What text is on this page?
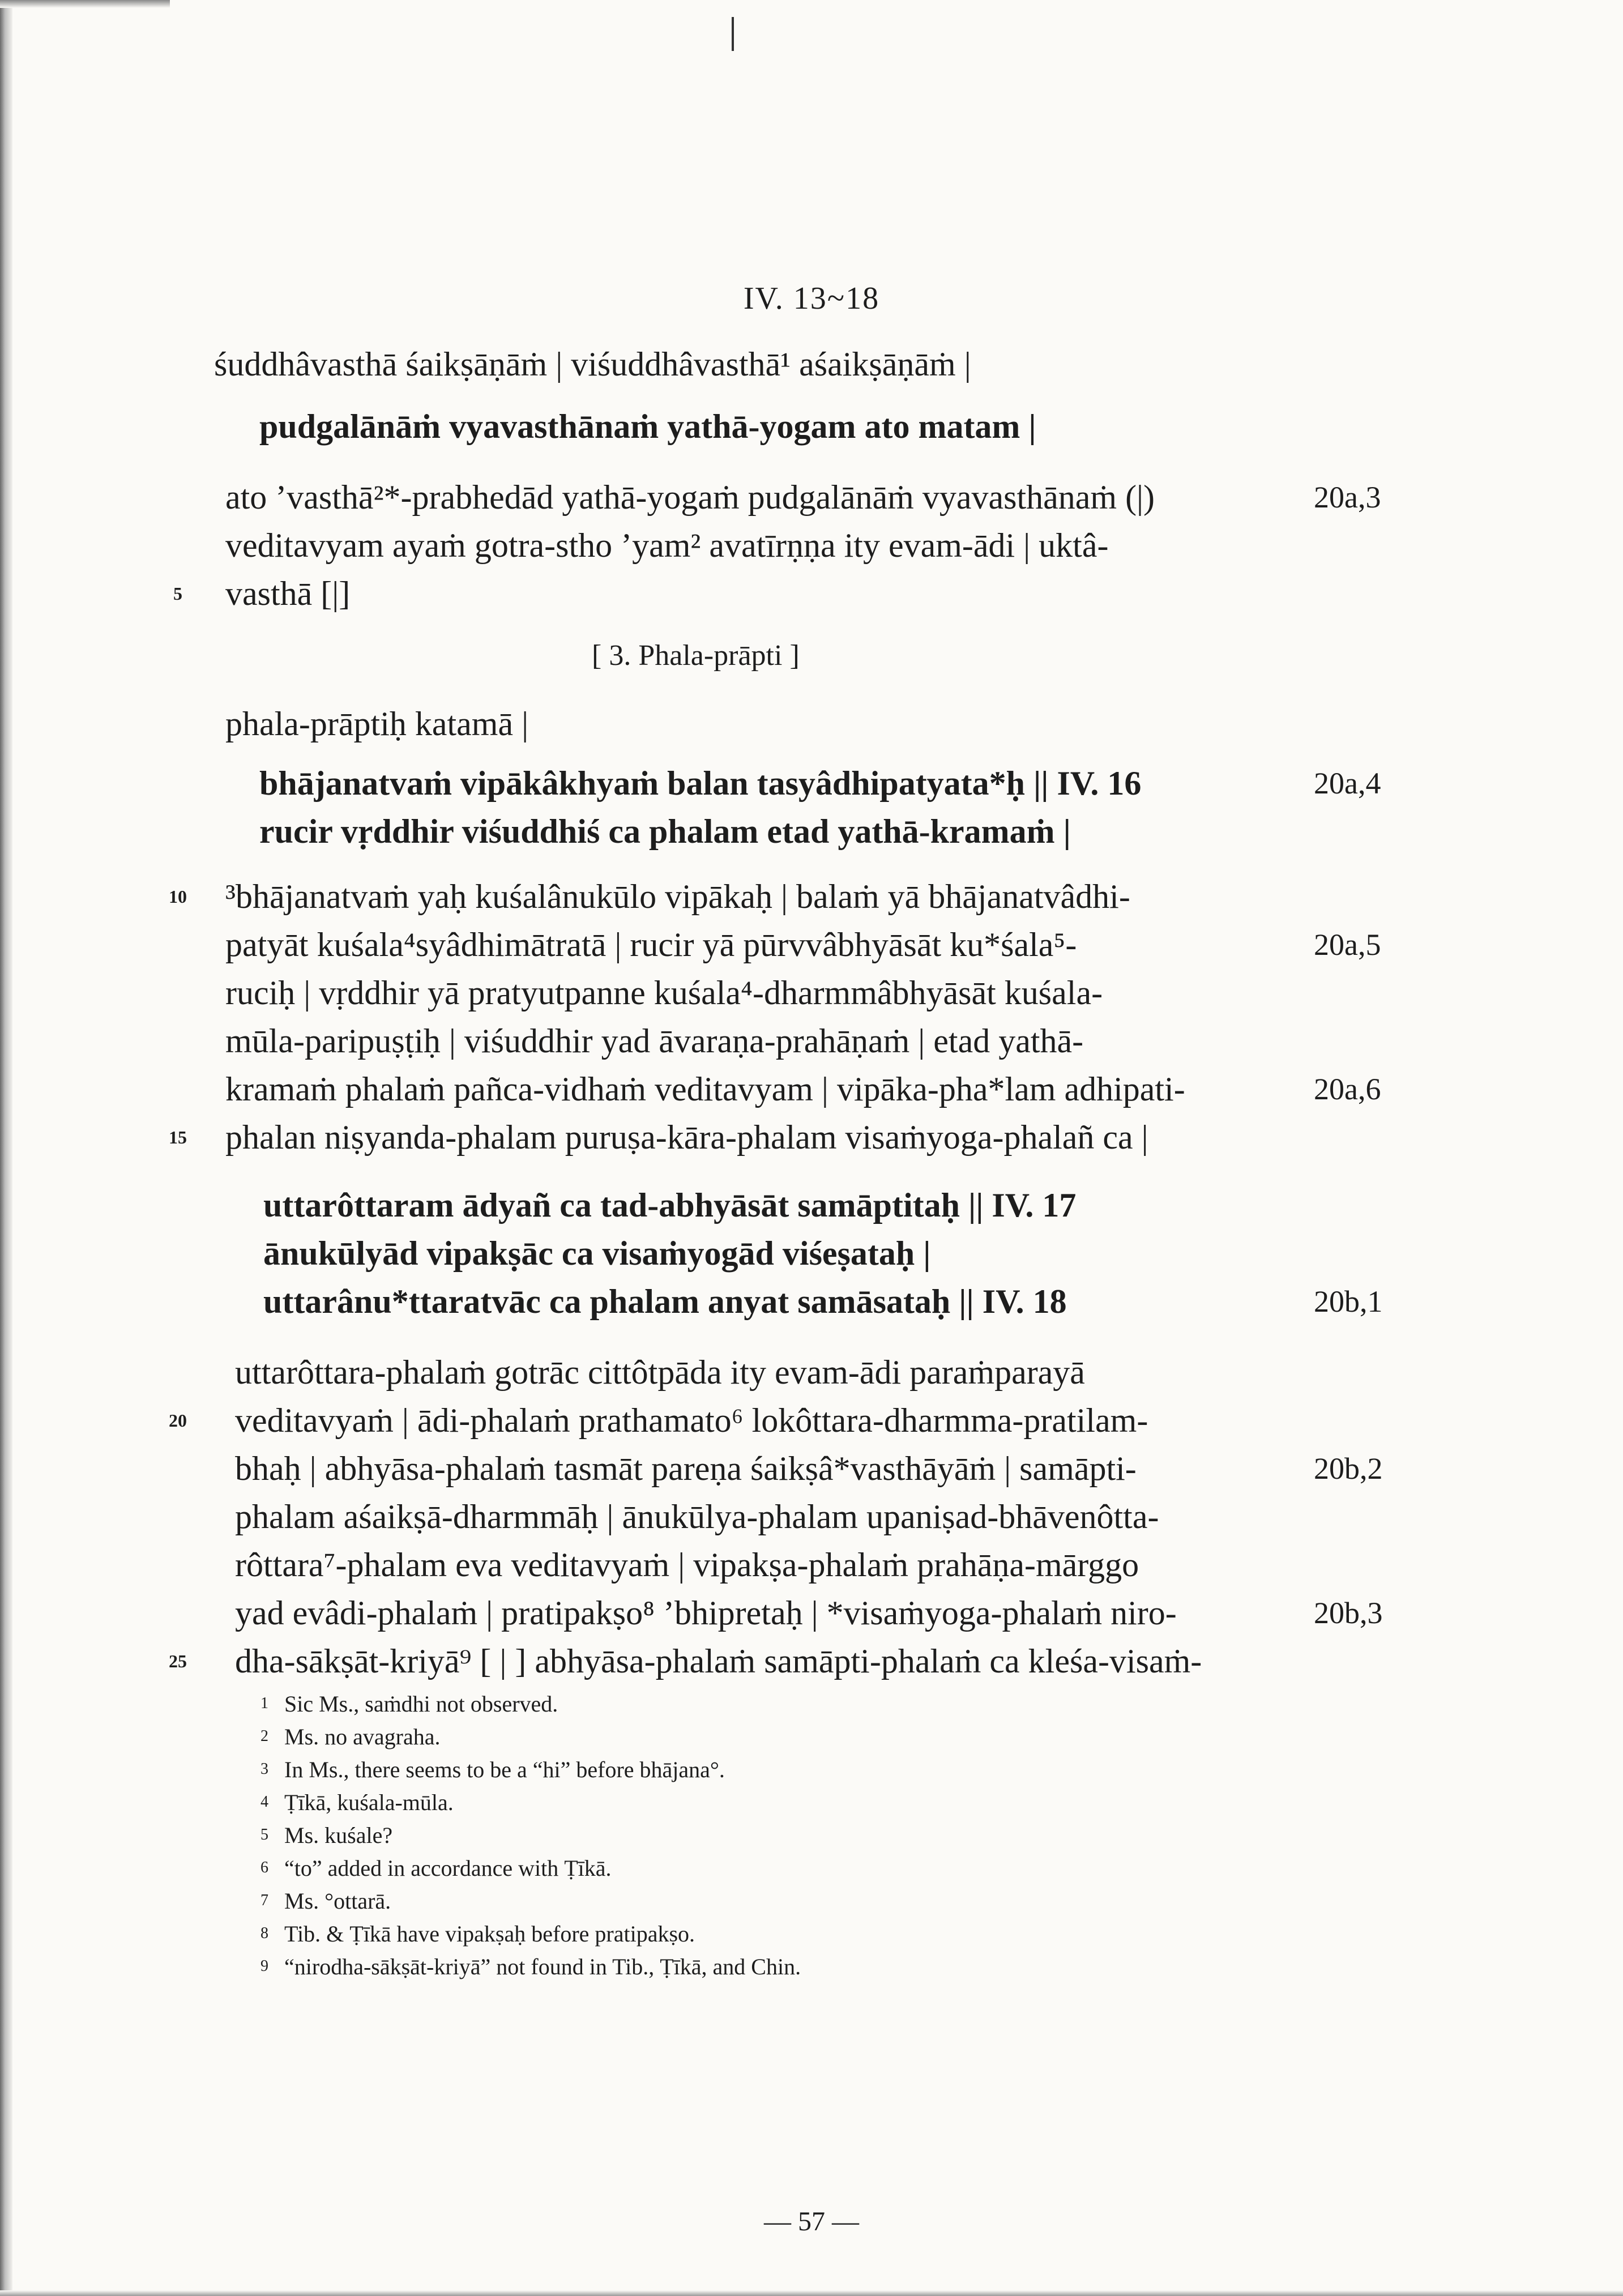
IV. 13~18
śuddhâvasthā śaikṣāṇāṁ | viśuddhâvasthā¹ aśaikṣāṇāṁ |
pudgalānāṁ vyavasthānaṁ yathā-yogam ato matam |
ato ’vasthā²*-prabhedād yathā-yogaṁ pudgalānāṁ vyavasthānaṁ (|)
veditavyam ayaṁ gotra-stho ’yam² avatīrṇṇa ity evam-ādi | uktâ-
vasthā [|]
[ 3. Phala-prāpti ]
phala-prāptiḥ katamā |
bhājanatvaṁ vipākâkhyaṁ balan tasyâdhipatyata*ḥ || IV. 16
rucir vṛddhir viśuddhiś ca phalam etad yathā-kramaṁ |
³bhājanatvaṁ yaḥ kuśalânukūlo vipākaḥ | balaṁ yā bhājanatvâdhi-
patyāt kuśala⁴syâdhimātratā | rucir yā pūrvvâbhyāsāt ku*śala⁵-
ruciḥ | vṛddhir yā pratyutpanne kuśala⁴-dharmmâbhyāsāt kuśala-
mūla-paripuṣṭiḥ | viśuddhir yad āvaraṇa-prahāṇaṁ | etad yathā-
kramaṁ phalaṁ pañca-vidhaṁ veditavyam | vipāka-pha*lam adhipati-
phalan niṣyanda-phalam puruṣa-kāra-phalam visaṁyoga-phalañ ca |
uttarôttaram ādyañ ca tad-abhyāsāt samāptitaḥ || IV. 17
ānukūlyād vipakṣāc ca visaṁyogād viśeṣataḥ |
uttarânu*ttaratvāc ca phalam anyat samāsataḥ || IV. 18
uttarôttara-phalaṁ gotrāc cittôtpāda ity evam-ādi paraṁparayā
veditavyaṁ | ādi-phalaṁ prathamato⁶ lokôttara-dharmma-pratilam-
bhaḥ | abhyāsa-phalaṁ tasmāt pareṇa śaikṣâ*vasthāyāṁ | samāpti-
phalam aśaikṣā-dharmmāḥ | ānukūlya-phalam upaniṣad-bhāvenôtta-
rôttara⁷-phalam eva veditavyaṁ | vipakṣa-phalaṁ prahāṇa-mārggo
yad evâdi-phalaṁ | pratipakṣo⁸ ’bhipretaḥ | *visaṁyoga-phalaṁ niro-
dha-sākṣāt-kriyā⁹ [ | ] abhyāsa-phalaṁ samāpti-phalaṁ ca kleśa-visaṁ-
20a,3
20a,4
20a,5
20a,6
20b,1
20b,2
20b,3
5
10
15
20
25
1 Sic Ms., saṁdhi not observed.
2 Ms. no avagraha.
3 In Ms., there seems to be a “hi” before bhājana°.
4 Ṭīkā, kuśala-mūla.
5 Ms. kuśale?
6 “to” added in accordance with Ṭīkā.
7 Ms. °ottarā.
8 Tib. & Ṭīkā have vipakṣaḥ before pratipakṣo.
9 “nirodha-sākṣāt-kriyā” not found in Tib., Ṭīkā, and Chin.
— 57 —
